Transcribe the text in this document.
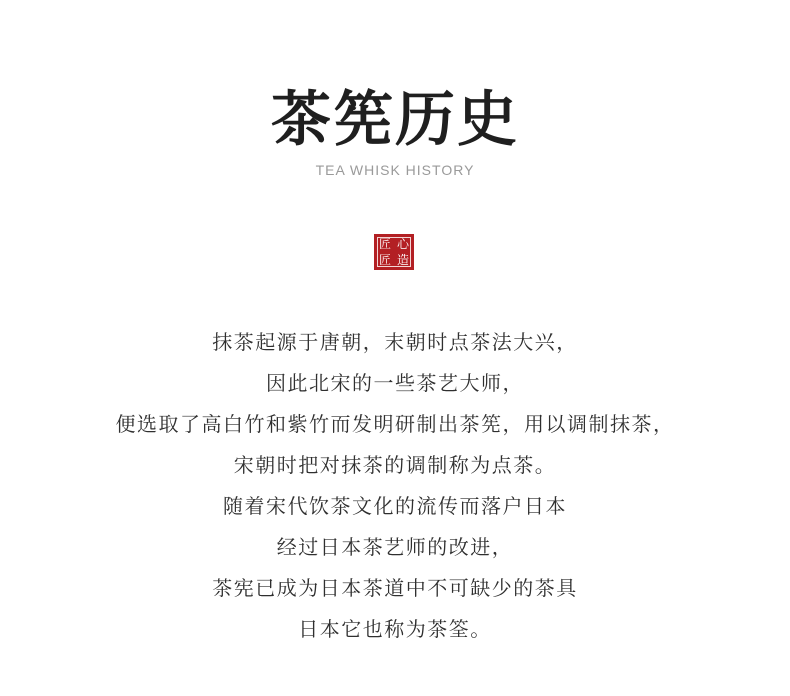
茶筅历史
TEA WHISK HISTORY
匠 心
匠 造
抹茶起源于唐朝，末朝时点茶法大兴，
因此北宋的一些茶艺大师，
便选取了高白竹和紫竹而发明研制出茶筅，用以调制抹茶，
宋朝时把对抹茶的调制称为点茶。
随着宋代饮茶文化的流传而落户日本
经过日本茶艺师的改进，
茶宪已成为日本茶道中不可缺少的茶具
日本它也称为茶筌。
